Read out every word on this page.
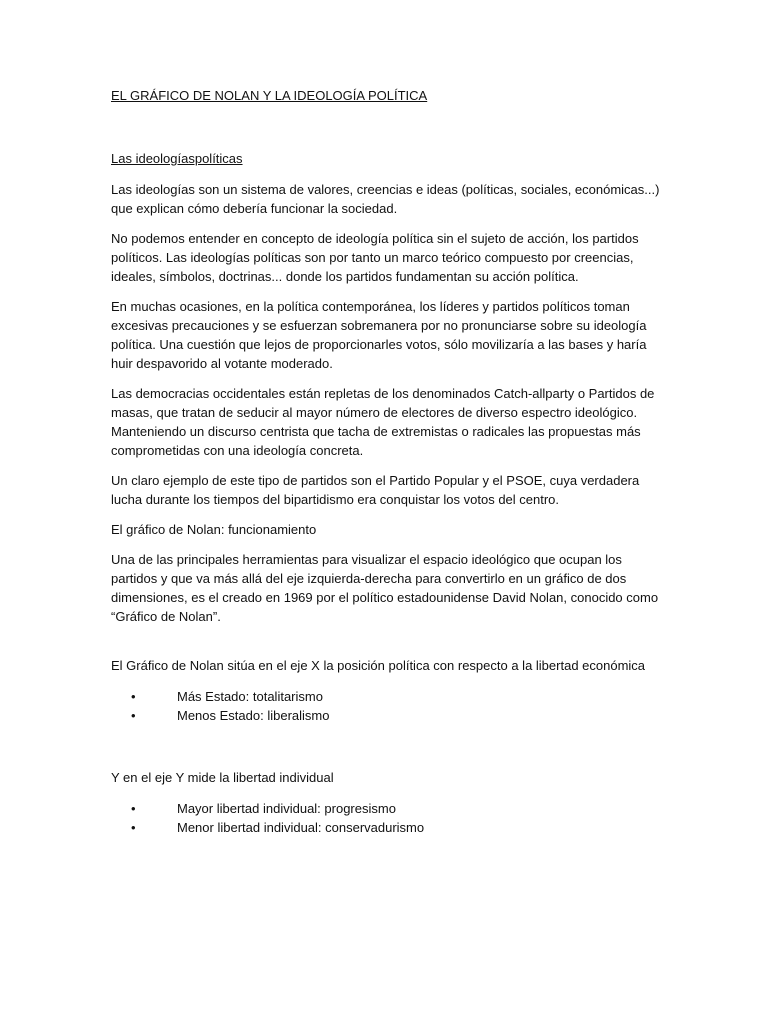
EL GRÁFICO DE NOLAN Y LA IDEOLOGÍA POLÍTICA
Las ideologíaspolíticas

Las ideologías son un sistema de valores, creencias e ideas (políticas, sociales, económicas...) que explican cómo debería funcionar la sociedad.

No podemos entender en concepto de ideología política sin el sujeto de acción, los partidos políticos. Las ideologías políticas son por tanto un marco teórico compuesto por creencias, ideales, símbolos, doctrinas... donde los partidos fundamentan su acción política.

En muchas ocasiones, en la política contemporánea, los líderes y partidos políticos toman excesivas precauciones y se esfuerzan sobremanera por no pronunciarse sobre su ideología política. Una cuestión que lejos de proporcionarles votos, sólo movilizaría a las bases y haría huir despavorido al votante moderado.

Las democracias occidentales están repletas de los denominados Catch-allparty o Partidos de masas, que tratan de seducir al mayor número de electores de diverso espectro ideológico. Manteniendo un discurso centrista que tacha de extremistas o radicales las propuestas más comprometidas con una ideología concreta.

Un claro ejemplo de este tipo de partidos son el Partido Popular y el PSOE, cuya verdadera lucha durante los tiempos del bipartidismo era conquistar los votos del centro.

El gráfico de Nolan: funcionamiento

Una de las principales herramientas para visualizar el espacio ideológico que ocupan los partidos y que va más allá del eje izquierda-derecha para convertirlo en un gráfico de dos dimensiones, es el creado en 1969 por el político estadounidense David Nolan, conocido como “Gráfico de Nolan”.

El Gráfico de Nolan sitúa en el eje X la posición política con respecto a la libertad económica

•	Más Estado: totalitarismo
•	Menos Estado: liberalismo

Y en el eje Y mide la libertad individual

•	Mayor libertad individual: progresismo
•	Menor libertad individual: conservadurismo
